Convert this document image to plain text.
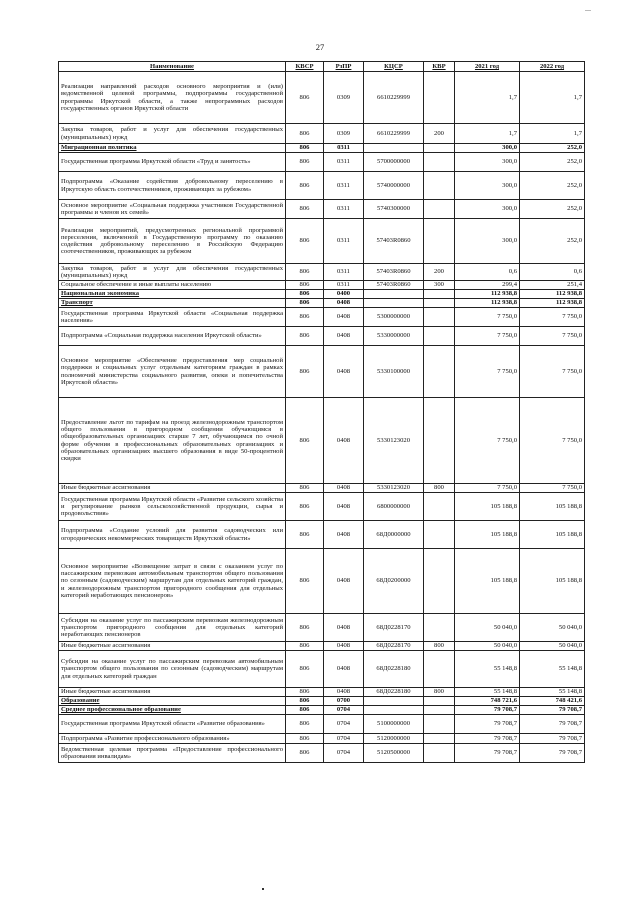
27
Наименование	КВСР	РзПР	КЦСР	КВР	2021 год	2022 год
Реализация направлений расходов основного мероприятия и (или) ведомственной целевой программы, подпрограммы государственной программы Иркутской области, а также непрограммных расходов государственных органов Иркутской области	806	0309	6610229999		1,7	1,7
Закупка товаров, работ и услуг для обеспечения государственных (муниципальных) нужд	806	0309	6610229999	200	1,7	1,7
Миграционная политика	806	0311			300,0	252,0
Государственная программа Иркутской области «Труд и занятость»	806	0311	5700000000		300,0	252,0
Подпрограмма «Оказание содействия добровольному переселению в Иркутскую область соотечественников, проживающих за рубежом»	806	0311	5740000000		300,0	252,0
Основное мероприятие «Социальная поддержка участников Государственной программы и членов их семей»	806	0311	5740300000		300,0	252,0
Реализация мероприятий, предусмотренных региональной программой переселения, включенной в Государственную программу по оказанию содействия добровольному переселению в Российскую Федерацию соотечественников, проживающих за рубежом	806	0311	57403R0860		300,0	252,0
Закупка товаров, работ и услуг для обеспечения государственных (муниципальных) нужд	806	0311	57403R0860	200	0,6	0,6
Социальное обеспечение и иные выплаты населению	806	0311	57403R0860	300	299,4	251,4
Национальная экономика	806	0400			112 938,8	112 938,8
Транспорт	806	0408			112 938,8	112 938,8
Государственная программа Иркутской области «Социальная поддержка населения»	806	0408	5300000000		7 750,0	7 750,0
Подпрограмма «Социальная поддержка населения Иркутской области»	806	0408	5330000000		7 750,0	7 750,0
Основное мероприятие «Обеспечение предоставления мер социальной поддержки и социальных услуг отдельным категориям граждан в рамках полномочий министерства социального развития, опеки и попечительства Иркутской области»	806	0408	5330100000		7 750,0	7 750,0
Предоставление льгот по тарифам на проезд железнодорожным транспортом общего пользования в пригородном сообщении обучающимся в общеобразовательных организациях старше 7 лет, обучающимся по очной форме обучения в профессиональных образовательных организациях и образовательных организациях высшего образования в виде 50-процентной скидки	806	0408	5330123020		7 750,0	7 750,0
Иные бюджетные ассигнования	806	0408	5330123020	800	7 750,0	7 750,0
Государственная программа Иркутской области «Развитие сельского хозяйства и регулирование рынков сельскохозяйственной продукции, сырья и продовольствия»	806	0408	6800000000		105 188,8	105 188,8
Подпрограмма «Создание условий для развития садоводческих или огороднических некоммерческих товариществ Иркутской области»	806	0408	68Д0000000		105 188,8	105 188,8
Основное мероприятие «Возмещение затрат в связи с оказанием услуг по пассажирским перевозкам автомобильным транспортом общего пользования по сезонным (садоводческим) маршрутам для отдельных категорий граждан, и железнодорожным транспортом пригородного сообщения для отдельных категорий неработающих пенсионеров»	806	0408	68Д0200000		105 188,8	105 188,8
Субсидия на оказание услуг по пассажирским перевозкам железнодорожным транспортом пригородного сообщения для отдельных категорий неработающих пенсионеров	806	0408	68Д0228170		50 040,0	50 040,0
Иные бюджетные ассигнования	806	0408	68Д0228170	800	50 040,0	50 040,0
Субсидия на оказание услуг по пассажирским перевозкам автомобильным транспортом общего пользования по сезонным (садоводческим) маршрутам для отдельных категорий граждан	806	0408	68Д0228180		55 148,8	55 148,8
Иные бюджетные ассигнования	806	0408	68Д0228180	800	55 148,8	55 148,8
Образование	806	0700			748 721,6	748 421,6
Среднее профессиональное образование	806	0704			79 708,7	79 708,7
Государственная программа Иркутской области «Развитие образования»	806	0704	5100000000		79 708,7	79 708,7
Подпрограмма «Развитие профессионального образования»	806	0704	5120000000		79 708,7	79 708,7
Ведомственная целевая программа «Предоставление профессионального образования инвалидам»	806	0704	5120500000		79 708,7	79 708,7
